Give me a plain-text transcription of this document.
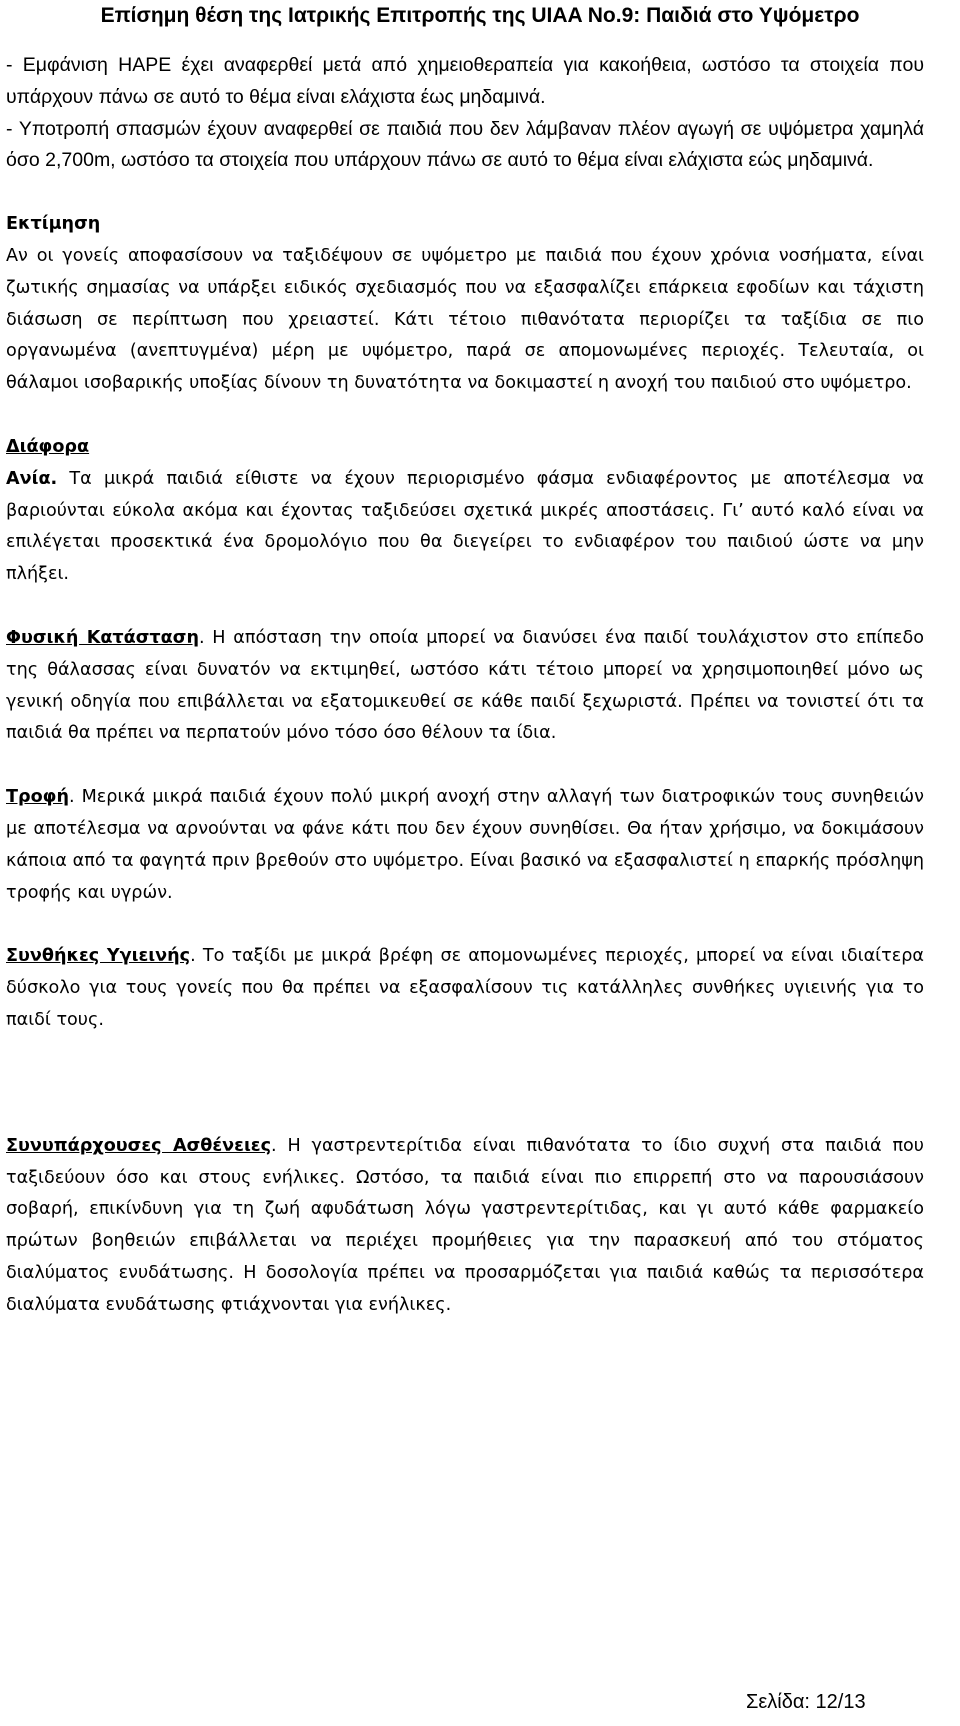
Επίσημη θέση της Ιατρικής Επιτροπής της UIAA No.9: Παιδιά στο Υψόμετρο

- Εμφάνιση HAPE έχει αναφερθεί μετά από χημειοθεραπεία για κακοήθεια, ωστόσο τα στοιχεία που υπάρχουν πάνω σε αυτό το θέμα είναι ελάχιστα έως μηδαμινά.

- Υποτροπή σπασμών έχουν αναφερθεί σε παιδιά που δεν λάμβαναν πλέον αγωγή σε υψόμετρα χαμηλά όσο 2,700m, ωστόσο τα στοιχεία που υπάρχουν πάνω σε αυτό το θέμα είναι ελάχιστα εώς μηδαμινά.

Εκτίμηση

Αν οι γονείς αποφασίσουν να ταξιδέψουν σε υψόμετρο με παιδιά που έχουν χρόνια νοσήματα, είναι ζωτικής σημασίας να υπάρξει ειδικός σχεδιασμός που να εξασφαλίζει επάρκεια εφοδίων και τάχιστη διάσωση σε περίπτωση που χρειαστεί. Κάτι τέτοιο πιθανότατα περιορίζει τα ταξίδια σε πιο οργανωμένα (ανεπτυγμένα) μέρη με υψόμετρο, παρά σε απομονωμένες περιοχές. Τελευταία, οι θάλαμοι ισοβαρικής υποξίας δίνουν τη δυνατότητα να δοκιμαστεί η ανοχή του παιδιού στο υψόμετρο.

Διάφορα

Ανία. Τα μικρά παιδιά είθιστε να έχουν περιορισμένο φάσμα ενδιαφέροντος με αποτέλεσμα να βαριούνται εύκολα ακόμα και έχοντας ταξιδεύσει σχετικά μικρές αποστάσεις. Γι’ αυτό καλό είναι να επιλέγεται προσεκτικά ένα δρομολόγιο που θα διεγείρει το ενδιαφέρον του παιδιού ώστε να μην πλήξει.

Φυσική Κατάσταση. Η απόσταση την οποία μπορεί να διανύσει ένα παιδί τουλάχιστον στο επίπεδο της θάλασσας είναι δυνατόν να εκτιμηθεί, ωστόσο κάτι τέτοιο μπορεί να χρησιμοποιηθεί μόνο ως γενική οδηγία που επιβάλλεται να εξατομικευθεί σε κάθε παιδί ξεχωριστά. Πρέπει να τονιστεί ότι τα παιδιά θα πρέπει να περπατούν μόνο τόσο όσο θέλουν τα ίδια.

Τροφή. Μερικά μικρά παιδιά έχουν πολύ μικρή ανοχή στην αλλαγή των διατροφικών τους συνηθειών με αποτέλεσμα να αρνούνται να φάνε κάτι που δεν έχουν συνηθίσει. Θα ήταν χρήσιμο, να δοκιμάσουν κάποια από τα φαγητά πριν βρεθούν στο υψόμετρο. Είναι βασικό να εξασφαλιστεί η επαρκής πρόσληψη τροφής και υγρών.

Συνθήκες Υγιεινής. Το ταξίδι με μικρά βρέφη σε απομονωμένες περιοχές, μπορεί να είναι ιδιαίτερα δύσκολο για τους γονείς που θα πρέπει να εξασφαλίσουν τις κατάλληλες συνθήκες υγιεινής για το παιδί τους.

Συνυπάρχουσες Ασθένειες. Η γαστρεντερίτιδα είναι πιθανότατα το ίδιο συχνή στα παιδιά που ταξιδεύουν όσο και στους ενήλικες. Ωστόσο, τα παιδιά είναι πιο επιρρεπή στο να παρουσιάσουν σοβαρή, επικίνδυνη για τη ζωή αφυδάτωση λόγω γαστρεντερίτιδας, και γι αυτό κάθε φαρμακείο πρώτων βοηθειών επιβάλλεται να περιέχει προμήθειες για την παρασκευή από του στόματος διαλύματος ενυδάτωσης. Η δοσολογία πρέπει να προσαρμόζεται για παιδιά καθώς τα περισσότερα διαλύματα ενυδάτωσης φτιάχνονται για ενήλικες.

Σελίδα: 12/13
